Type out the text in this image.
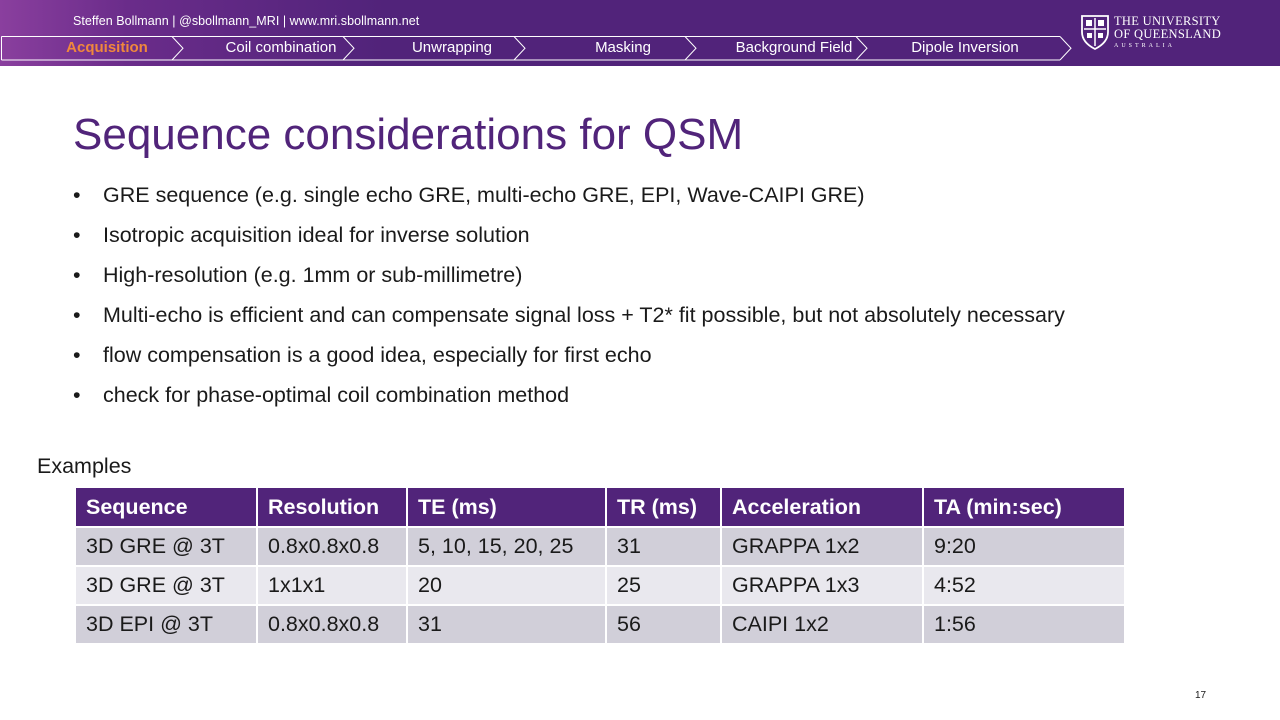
Steffen Bollmann | @sbollmann_MRI | www.mri.sbollmann.net
Acquisition	Coil combination	Unwrapping	Masking	Background Field	Dipole Inversion
THE UNIVERSITY
OF QUEENSLAND
AUSTRALIA
Sequence considerations for QSM
• GRE sequence (e.g. single echo GRE, multi-echo GRE, EPI, Wave-CAIPI GRE)
• Isotropic acquisition ideal for inverse solution
• High-resolution (e.g. 1mm or sub-millimetre)
• Multi-echo is efficient and can compensate signal loss + T2* fit possible, but not absolutely necessary
• flow compensation is a good idea, especially for first echo
• check for phase-optimal coil combination method
Examples
Sequence	Resolution	TE (ms)	TR (ms)	Acceleration	TA (min:sec)
3D GRE @ 3T	0.8x0.8x0.8	5, 10, 15, 20, 25	31	GRAPPA 1x2	9:20
3D GRE @ 3T	1x1x1	20	25	GRAPPA 1x3	4:52
3D EPI @ 3T	0.8x0.8x0.8	31	56	CAIPI 1x2	1:56
17
